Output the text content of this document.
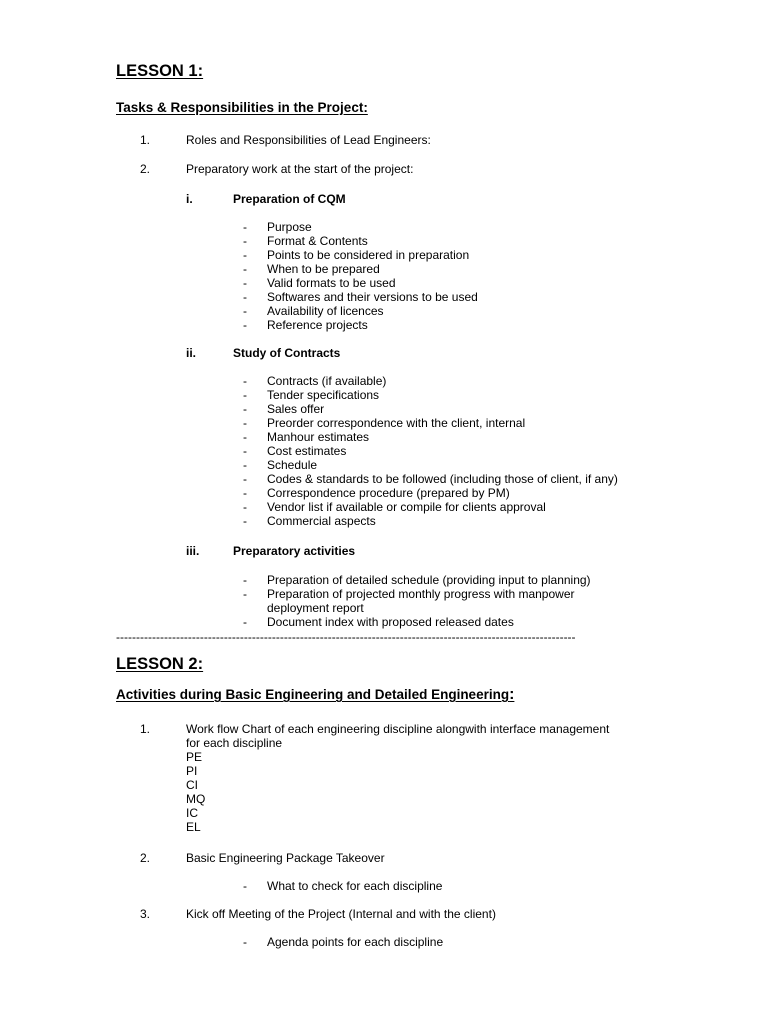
LESSON 1:
Tasks & Responsibilities in the Project:
1.	Roles and Responsibilities of Lead Engineers:
2.	Preparatory work at the start of the project:
i.	Preparation of CQM
- Purpose
- Format & Contents
- Points to be considered in preparation
- When to be prepared
- Valid formats to be used
- Softwares and their versions to be used
- Availability of licences
- Reference projects
ii.	Study of Contracts
- Contracts (if available)
- Tender specifications
- Sales offer
- Preorder correspondence with the client, internal
- Manhour estimates
- Cost estimates
- Schedule
- Codes & standards to be followed (including those of client, if any)
- Correspondence procedure (prepared by PM)
- Vendor list if available or compile for clients approval
- Commercial aspects
iii.	Preparatory activities
- Preparation of detailed schedule (providing input to planning)
- Preparation of projected monthly progress with manpower
deployment report
- Document index with proposed released dates
-------------------------------------------------------------------------------------------------------------------
LESSON 2:
Activities during Basic Engineering and Detailed Engineering:
1.	Work flow Chart of each engineering discipline alongwith interface management
for each discipline
PE
PI
CI
MQ
IC
EL
2.	Basic Engineering Package Takeover
- What to check for each discipline
3.	Kick off Meeting of the Project (Internal and with the client)
- Agenda points for each discipline
